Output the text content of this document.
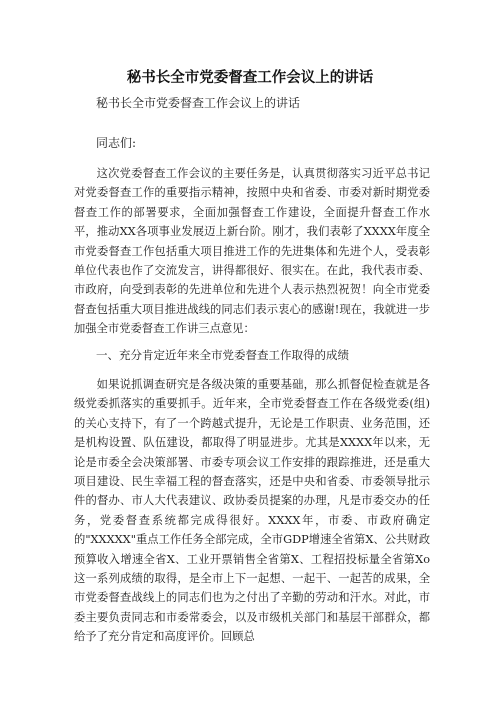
秘书长全市党委督查工作会议上的讲话
秘书长全市党委督查工作会议上的讲话
同志们:

这次党委督查工作会议的主要任务是，认真贯彻落实习近平总书记对党委督查工作的重要指示精神，按照中央和省委、市委对新时期党委督查工作的部署要求，全面加强督查工作建设，全面提升督查工作水平，推动XX各项事业发展迈上新台阶。刚才，我们表彰了XXXX年度全市党委督查工作包括重大项目推进工作的先进集体和先进个人，受表彰单位代表也作了交流发言，讲得都很好、很实在。在此，我代表市委、市政府，向受到表彰的先进单位和先进个人表示热烈祝贺！向全市党委督查包括重大项目推进战线的同志们表示衷心的感谢!现在，我就进一步加强全市党委督查工作讲三点意见：

一、充分肯定近年来全市党委督查工作取得的成绩

如果说抓调查研究是各级决策的重要基础，那么抓督促检查就是各级党委抓落实的重要抓手。近年来，全市党委督查工作在各级党委(组)的关心支持下，有了一个跨越式提升，无论是工作职责、业务范围，还是机构设置、队伍建设，都取得了明显进步。尤其是XXXX年以来，无论是市委全会决策部署、市委专项会议工作安排的跟踪推进，还是重大项目建设、民生幸福工程的督查落实，还是中央和省委、市委领导批示件的督办、市人大代表建议、政协委员提案的办理，凡是市委交办的任务，党委督查系统都完成得很好。XXXX年，市委、市政府确定的"XXXXX"重点工作任务全部完成，全市GDP增速全省第X、公共财政预算收入增速全省X、工业开票销售全省第X、工程招投标量全省第Xo这一系列成绩的取得，是全市上下一起想、一起干、一起苦的成果，全市党委督查战线上的同志们也为之付出了辛勤的劳动和汗水。对此，市委主要负责同志和市委常委会，以及市级机关部门和基层干部群众，都给予了充分肯定和高度评价。回顾总
